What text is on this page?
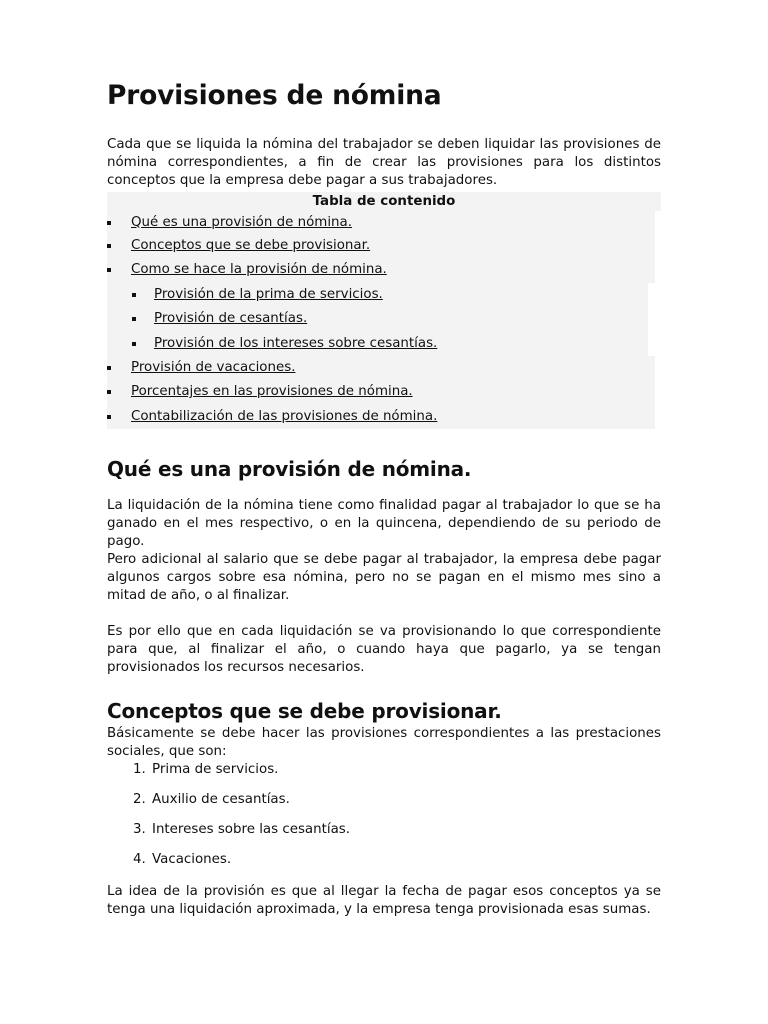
Provisiones de nómina

Cada que se liquida la nómina del trabajador se deben liquidar las provisiones de nómina correspondientes, a fin de crear las provisiones para los distintos conceptos que la empresa debe pagar a sus trabajadores.

Tabla de contenido
Qué es una provisión de nómina.
Conceptos que se debe provisionar.
Como se hace la provisión de nómina.
Provisión de la prima de servicios.
Provisión de cesantías.
Provisión de los intereses sobre cesantías.
Provisión de vacaciones.
Porcentajes en las provisiones de nómina.
Contabilización de las provisiones de nómina.
Qué es una provisión de nómina.

La liquidación de la nómina tiene como finalidad pagar al trabajador lo que se ha ganado en el mes respectivo, o en la quincena, dependiendo de su periodo de pago.

Pero adicional al salario que se debe pagar al trabajador, la empresa debe pagar algunos cargos sobre esa nómina, pero no se pagan en el mismo mes sino a mitad de año, o al finalizar.

Es por ello que en cada liquidación se va provisionando lo que correspondiente para que, al finalizar el año, o cuando haya que pagarlo, ya se tengan provisionados los recursos necesarios.

Conceptos que se debe provisionar.

Básicamente se debe hacer las provisiones correspondientes a las prestaciones sociales, que son:

1. Prima de servicios.
2. Auxilio de cesantías.
3. Intereses sobre las cesantías.
4. Vacaciones.

La idea de la provisión es que al llegar la fecha de pagar esos conceptos ya se tenga una liquidación aproximada, y la empresa tenga provisionada esas sumas.
